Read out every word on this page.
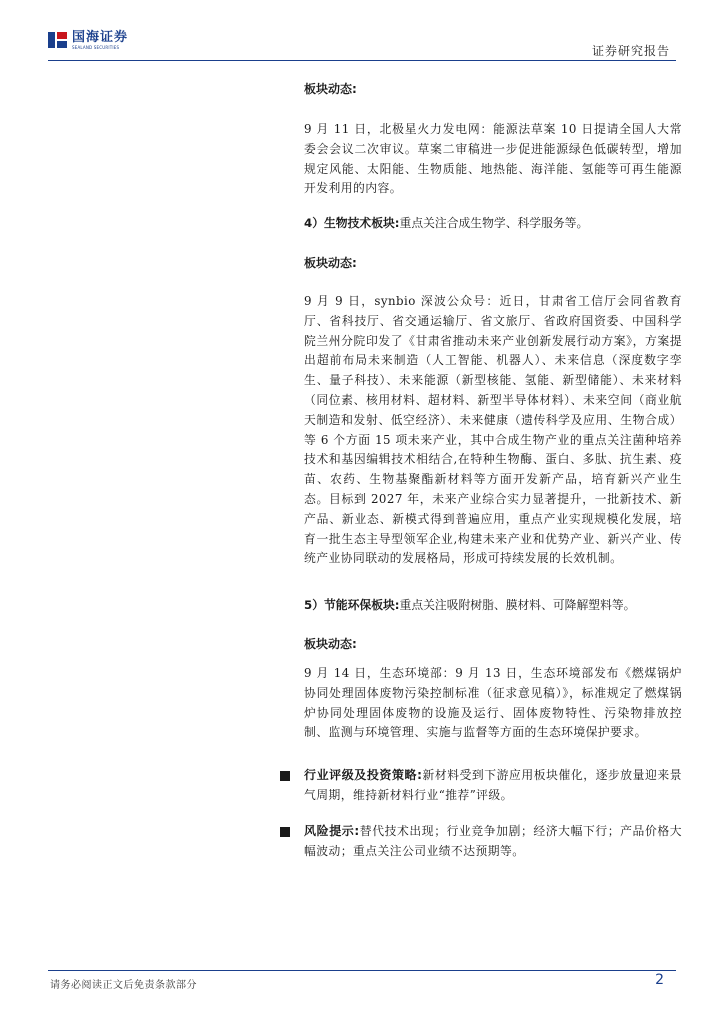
国海证券
SEALAND SECURITIES	证券研究报告
板块动态:
9 月 11 日，北极星火力发电网：能源法草案 10 日提请全国人大常委会会议二次审议。草案二审稿进一步促进能源绿色低碳转型，增加规定风能、太阳能、生物质能、地热能、海洋能、氢能等可再生能源开发利用的内容。
4）生物技术板块:重点关注合成生物学、科学服务等。
板块动态:
9 月 9 日，synbio 深波公众号：近日，甘肃省工信厅会同省教育厅、省科技厅、省交通运输厅、省文旅厅、省政府国资委、中国科学院兰州分院印发了《甘肃省推动未来产业创新发展行动方案》，方案提出超前布局未来制造（人工智能、机器人）、未来信息（深度数字孪生、量子科技）、未来能源（新型核能、氢能、新型储能）、未来材料（同位素、核用材料、超材料、新型半导体材料）、未来空间（商业航天制造和发射、低空经济）、未来健康（遗传科学及应用、生物合成）等 6 个方面 15 项未来产业，其中合成生物产业的重点关注菌种培养技术和基因编辑技术相结合,在特种生物酶、蛋白、多肽、抗生素、疫苗、农药、生物基聚酯新材料等方面开发新产品，培育新兴产业生态。目标到 2027 年，未来产业综合实力显著提升，一批新技术、新产品、新业态、新模式得到普遍应用，重点产业实现规模化发展，培育一批生态主导型领军企业,构建未来产业和优势产业、新兴产业、传统产业协同联动的发展格局，形成可持续发展的长效机制。
5）节能环保板块:重点关注吸附树脂、膜材料、可降解塑料等。
板块动态:
9 月 14 日，生态环境部：9 月 13 日，生态环境部发布《燃煤锅炉协同处理固体废物污染控制标准（征求意见稿）》，标准规定了燃煤锅炉协同处理固体废物的设施及运行、固体废物特性、污染物排放控制、监测与环境管理、实施与监督等方面的生态环境保护要求。
行业评级及投资策略:新材料受到下游应用板块催化，逐步放量迎来景气周期，维持新材料行业“推荐”评级。
风险提示:替代技术出现；行业竞争加剧；经济大幅下行；产品价格大幅波动；重点关注公司业绩不达预期等。
请务必阅读正文后免责条款部分	2
